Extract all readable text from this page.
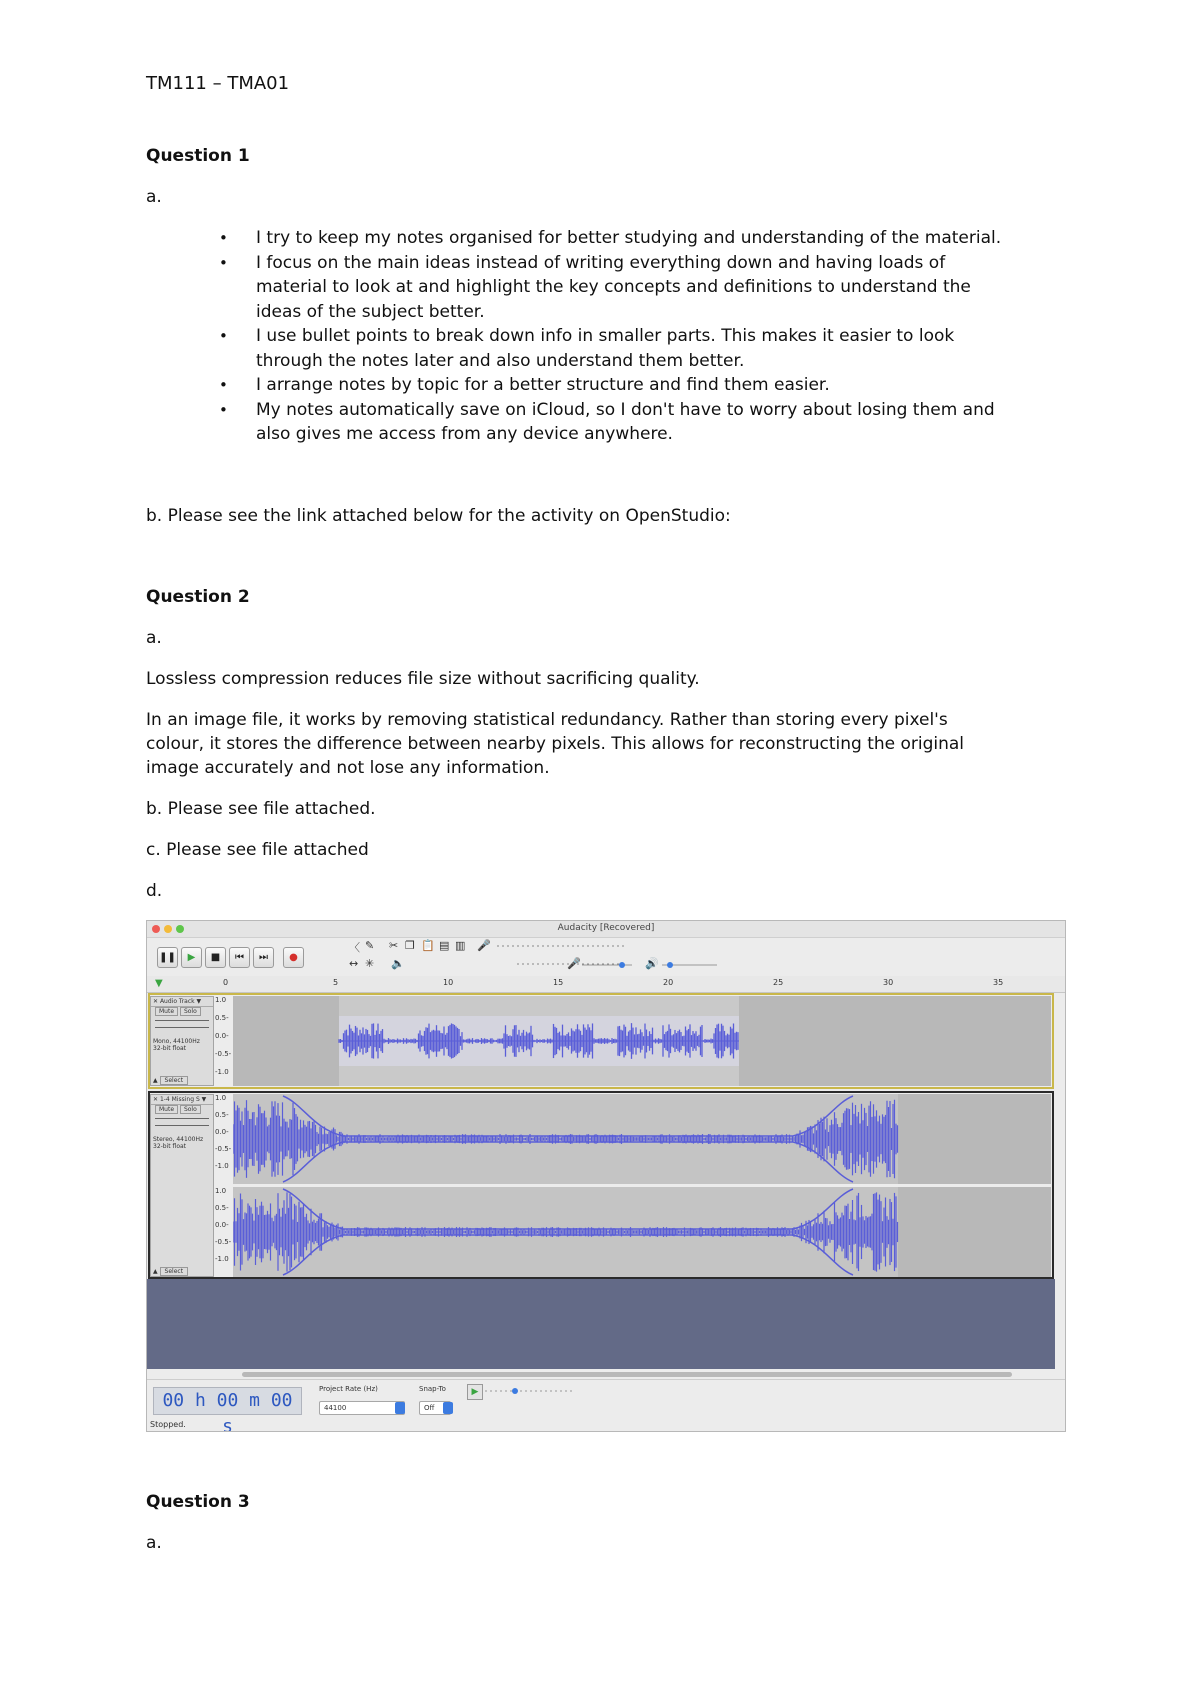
TM111 – TMA01
Question 1
a.
• I try to keep my notes organised for better studying and understanding of the material.
• I focus on the main ideas instead of writing everything down and having loads of
material to look at and highlight the key concepts and definitions to understand the
ideas of the subject better.
• I use bullet points to break down info in smaller parts. This makes it easier to look
through the notes later and also understand them better.
• I arrange notes by topic for a better structure and find them easier.
• My notes automatically save on iCloud, so I don't have to worry about losing them and
also gives me access from any device anywhere.
b. Please see the link attached below for the activity on OpenStudio:
Question 2
a.
Lossless compression reduces file size without sacrificing quality.
In an image file, it works by removing statistical redundancy. Rather than storing every pixel's
colour, it stores the difference between nearby pixels. This allows for reconstructing the original
image accurately and not lose any information.
b. Please see file attached.
c. Please see file attached
d.
Audacity [Recovered]
❚❚	▶	■	⏮	⏭	●
〈 ✎ ✂ ❐ 📋 ▤ ▥ 🎤
↔ ✳ 🔈	🎤	🔊
▼	0	5	10	15	20	25	30	35
✕ Audio Track ▼
Mute Solo
Mono, 44100Hz
32-bit float
▲ Select
1.0
0.5-
0.0-
-0.5-
-1.0
✕ 1-4 Missing S ▼
Mute Solo
Stereo, 44100Hz
32-bit float
▲ Select
1.0
0.5-
0.0-
-0.5-
-1.0
1.0
0.5-
0.0-
-0.5-
-1.0
00 h 00 m 00 s
Project Rate (Hz)
44100
Snap-To
Off
▶
Stopped.
Question 3
a.
